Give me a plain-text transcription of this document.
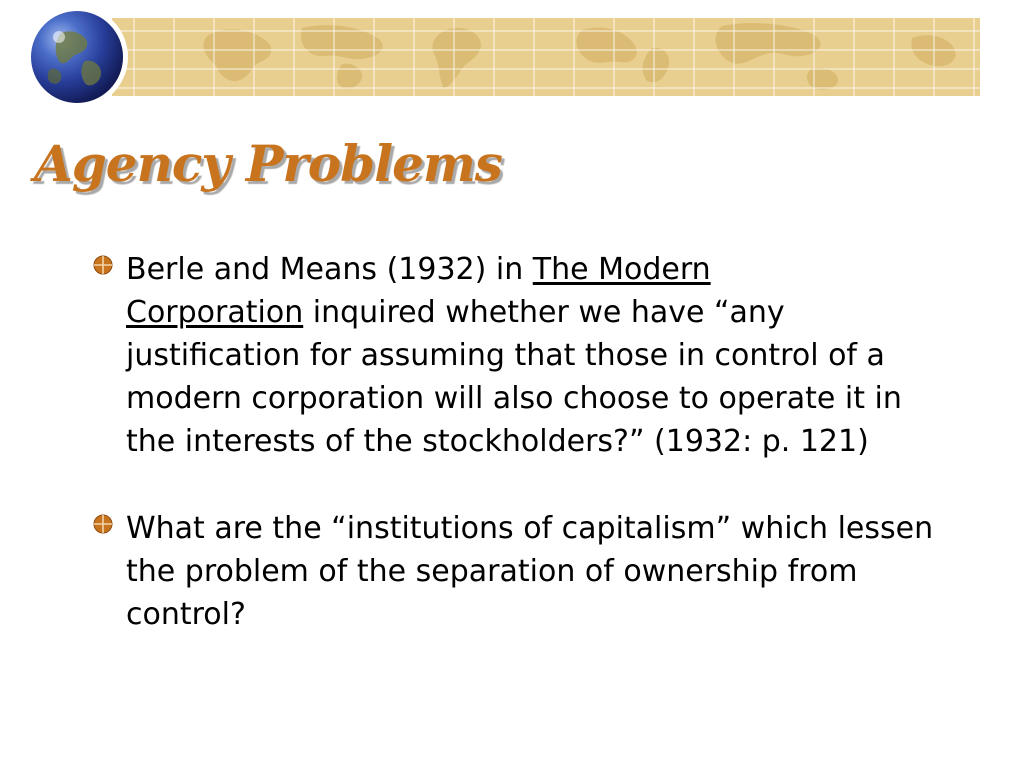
Agency Problems
Berle and Means (1932) in The Modern
Corporation inquired whether we have “any justification for assuming that those in control of a modern corporation will also choose to operate it in the interests of the stockholders?” (1932: p. 121)
What are the “institutions of capitalism” which lessen the problem of the separation of ownership from control?
